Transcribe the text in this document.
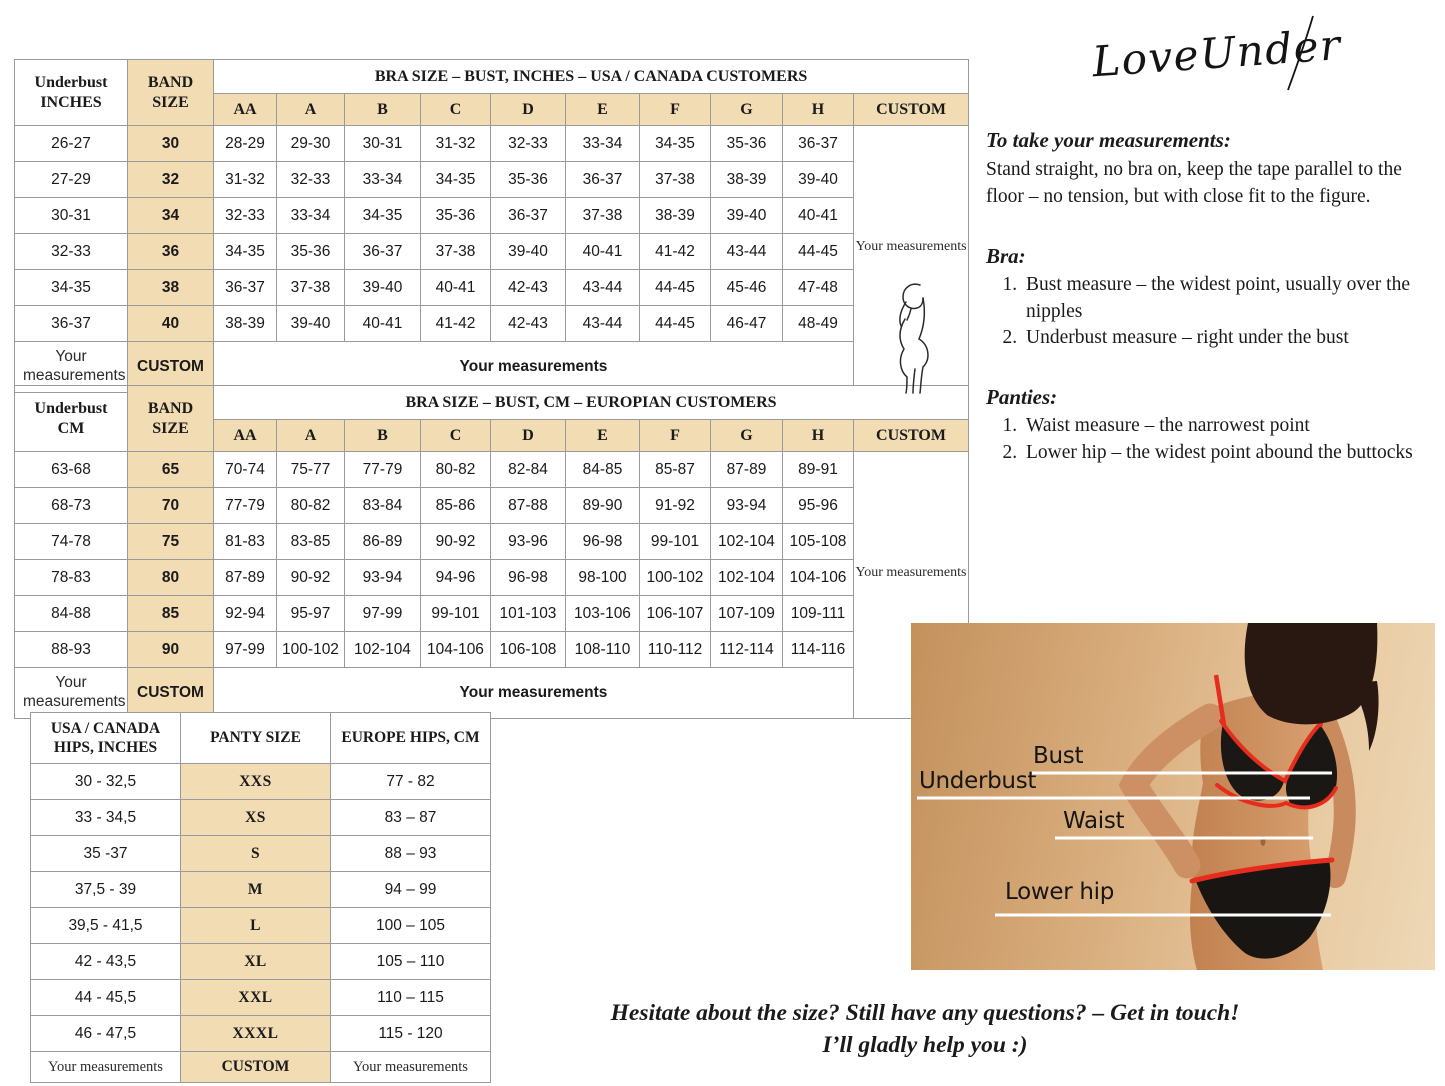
LoveUnder
Underbust
INCHES

BAND
SIZE
	BRA SIZE – BUST, INCHES – USA / CANADA CUSTOMERS
		AA	A	B	C	D	E	F	G	H	CUSTOM
26-27	30	28-29	29-30	30-31	31-32	32-33	33-34	34-35	35-36	36-37	Your measurements

27-29	32	31-32	32-33	33-34	34-35	35-36	36-37	37-38	38-39	39-40	
30-31	34	32-33	33-34	34-35	35-36	36-37	37-38	38-39	39-40	40-41	
32-33	36	34-35	35-36	36-37	37-38	39-40	40-41	41-42	43-44	44-45	
34-35	38	36-37	37-38	39-40	40-41	42-43	43-44	44-45	45-46	47-48	
36-37	40	38-39	39-40	40-41	41-42	42-43	43-44	44-45	46-47	48-49	
Your measurements	CUSTOM	Your measurements									
Underbust
CM

BAND
SIZE
	BRA SIZE – BUST, CM – EUROPIAN CUSTOMERS
		AA	A	B	C	D	E	F	G	H	CUSTOM
63-68	65	70-74	75-77	77-79	80-82	82-84	84-85	85-87	87-89	89-91	Your measurements

68-73	70	77-79	80-82	83-84	85-86	87-88	89-90	91-92	93-94	95-96	
74-78	75	81-83	83-85	86-89	90-92	93-96	96-98	99-101	102-104	105-108	
78-83	80	87-89	90-92	93-94	94-96	96-98	98-100	100-102	102-104	104-106	
84-88	85	92-94	95-97	97-99	99-101	101-103	103-106	106-107	107-109	109-111	
88-93	90	97-99	100-102	102-104	104-106	106-108	108-110	110-112	112-114	114-116	
Your measurements	CUSTOM	Your measurements									
USA / CANADA HIPS, INCHES	PANTY SIZE	EUROPE HIPS, CM
30 - 32,5	XXS	77 - 82
33 - 34,5	XS	83 – 87
35 -37	S	88 – 93
37,5 - 39	M	94 – 99
39,5 - 41,5	L	100 – 105
42 - 43,5	XL	105 – 110
44 - 45,5	XXL	110 – 115
46 - 47,5	XXXL	115 - 120
Your measurements	CUSTOM	Your measurements

To take your measurements:

Stand straight, no bra on, keep the tape parallel to the floor – no tension, but with close fit to the figure.

Bra:

1. Bust measure – the widest point, usually over the nipples
2. Underbust measure – right under the bust

Panties:

1. Waist measure – the narrowest point
2. Lower hip – the widest point abound the buttocks
Bust
Underbust
Waist
Lower hip
Hesitate about the size? Still have any questions? – Get in touch!
I’ll gladly help you :)
